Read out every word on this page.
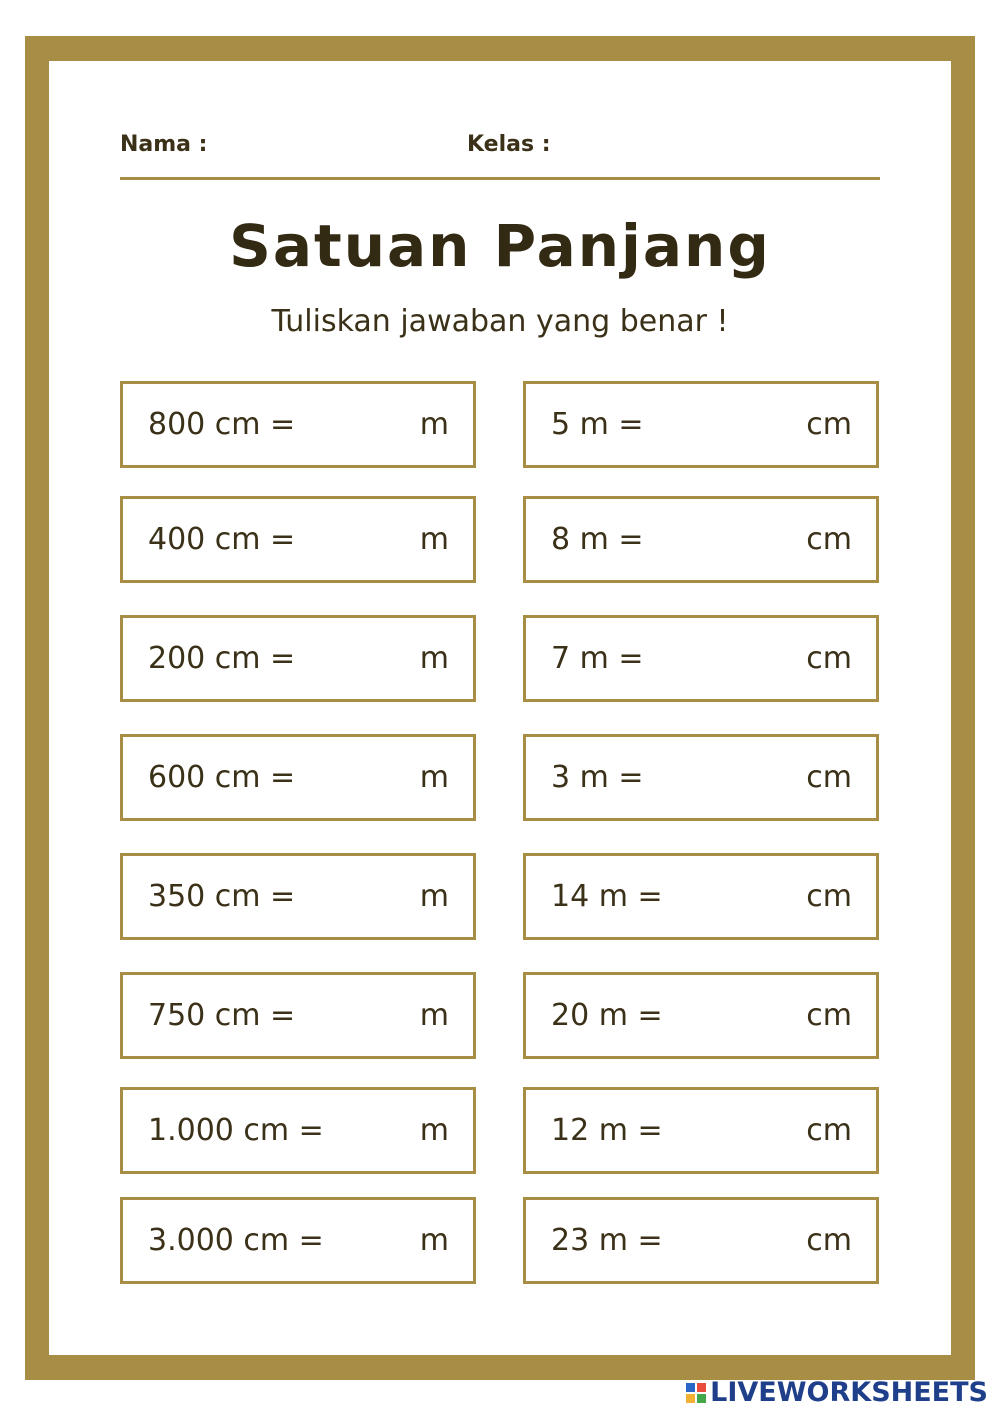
Nama :	Kelas :
Satuan Panjang
Tuliskan jawaban yang benar !
800 cm =	m
400 cm =	m
200 cm =	m
600 cm =	m
350 cm =	m
750 cm =	m
1.000 cm =	m
3.000 cm =	m
5 m =	cm
8 m =	cm
7 m =	cm
3 m =	cm
14 m =	cm
20 m =	cm
12 m =	cm
23 m =	cm
LIVEWORKSHEETS
